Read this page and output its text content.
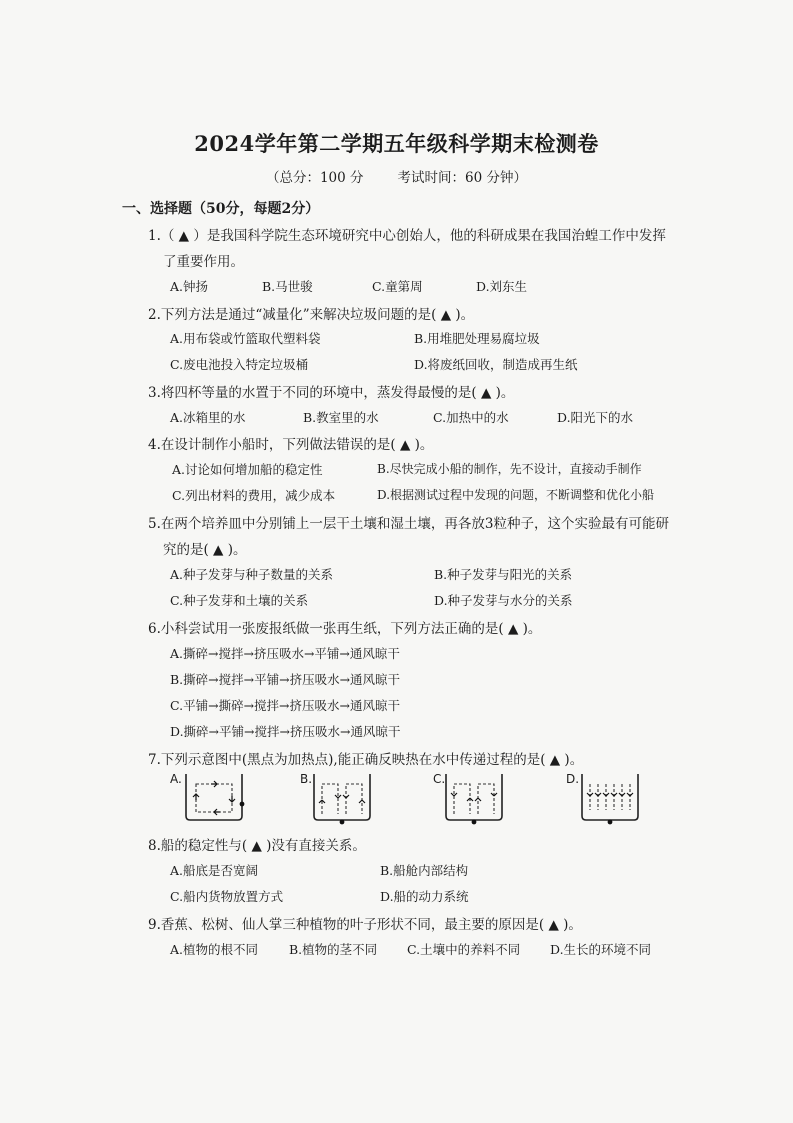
2024学年第二学期五年级科学期末检测卷
（总分：100 分	考试时间：60 分钟）
一、选择题（50分，每题2分）
1.（ ▲ ）是我国科学院生态环境研究中心创始人，他的科研成果在我国治蝗工作中发挥
了重要作用。
A.钟扬	B.马世骏	C.童第周	D.刘东生
2.下列方法是通过“减量化”来解决垃圾问题的是( ▲ )。
A.用布袋或竹篮取代塑料袋	B.用堆肥处理易腐垃圾
C.废电池投入特定垃圾桶	D.将废纸回收，制造成再生纸
3.将四杯等量的水置于不同的环境中，蒸发得最慢的是( ▲ )。
A.冰箱里的水	B.教室里的水	C.加热中的水	D.阳光下的水
4.在设计制作小船时，下列做法错误的是( ▲ )。
A.讨论如何增加船的稳定性	B.尽快完成小船的制作，先不设计，直接动手制作
C.列出材料的费用，减少成本	D.根据测试过程中发现的问题，不断调整和优化小船
5.在两个培养皿中分别铺上一层干土壤和湿土壤，再各放3粒种子，这个实验最有可能研
究的是( ▲ )。
A.种子发芽与种子数量的关系	B.种子发芽与阳光的关系
C.种子发芽和土壤的关系	D.种子发芽与水分的关系
6.小科尝试用一张废报纸做一张再生纸，下列方法正确的是( ▲ )。
A.撕碎→搅拌→挤压吸水→平铺→通风晾干
B.撕碎→搅拌→平铺→挤压吸水→通风晾干
C.平铺→撕碎→搅拌→挤压吸水→通风晾干
D.撕碎→平铺→搅拌→挤压吸水→通风晾干
7.下列示意图中(黑点为加热点),能正确反映热在水中传递过程的是( ▲ )。
A.	B.	C.	D.
8.船的稳定性与( ▲ )没有直接关系。
A.船底是否宽阔	B.船舱内部结构
C.船内货物放置方式	D.船的动力系统
9.香蕉、松树、仙人掌三种植物的叶子形状不同，最主要的原因是( ▲ )。
A.植物的根不同 B.植物的茎不同 C.土壤中的养料不同 D.生长的环境不同
